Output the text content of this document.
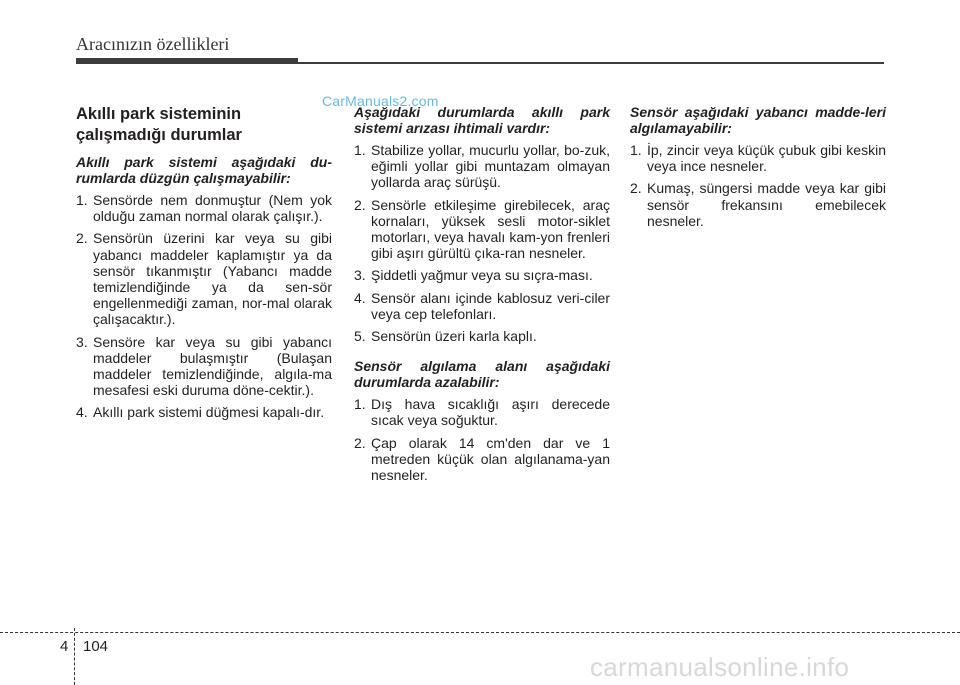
Aracınızın özellikleri
CarManuals2.com
Akıllı park sisteminin
çalışmadığı durumlar
Akıllı park sistemi aşağıdaki du-rumlarda düzgün çalışmayabilir:
1. Sensörde nem donmuştur (Nem yok olduğu zaman normal olarak çalışır.).
2. Sensörün üzerini kar veya su gibi yabancı maddeler kaplamıştır ya da sensör tıkanmıştır (Yabancı madde temizlendiğinde ya da sen-sör engellenmediği zaman, nor-mal olarak çalışacaktır.).
3. Sensöre kar veya su gibi yabancı maddeler bulaşmıştır (Bulaşan maddeler temizlendiğinde, algıla-ma mesafesi eski duruma döne-cektir.).
4. Akıllı park sistemi düğmesi kapalı-dır.
Aşağıdaki durumlarda akıllı park sistemi arızası ihtimali vardır:
1. Stabilize yollar, mucurlu yollar, bo-zuk, eğimli yollar gibi muntazam olmayan yollarda araç sürüşü.
2. Sensörle etkileşime girebilecek, araç kornaları, yüksek sesli motor-siklet motorları, veya havalı kam-yon frenleri gibi aşırı gürültü çıka-ran nesneler.
3. Şiddetli yağmur veya su sıçra-ması.
4. Sensör alanı içinde kablosuz veri-ciler veya cep telefonları.
5. Sensörün üzeri karla kaplı.
Sensör algılama alanı aşağıdaki durumlarda azalabilir:
1. Dış hava sıcaklığı aşırı derecede sıcak veya soğuktur.
2. Çap olarak 14 cm'den dar ve 1 metreden küçük olan algılanama-yan nesneler.
Sensör aşağıdaki yabancı madde-leri algılamayabilir:
1. İp, zincir veya küçük çubuk gibi keskin veya ince nesneler.
2. Kumaş, süngersi madde veya kar gibi sensör frekansını emebilecek nesneler.
4 104
carmanualsonline.info
